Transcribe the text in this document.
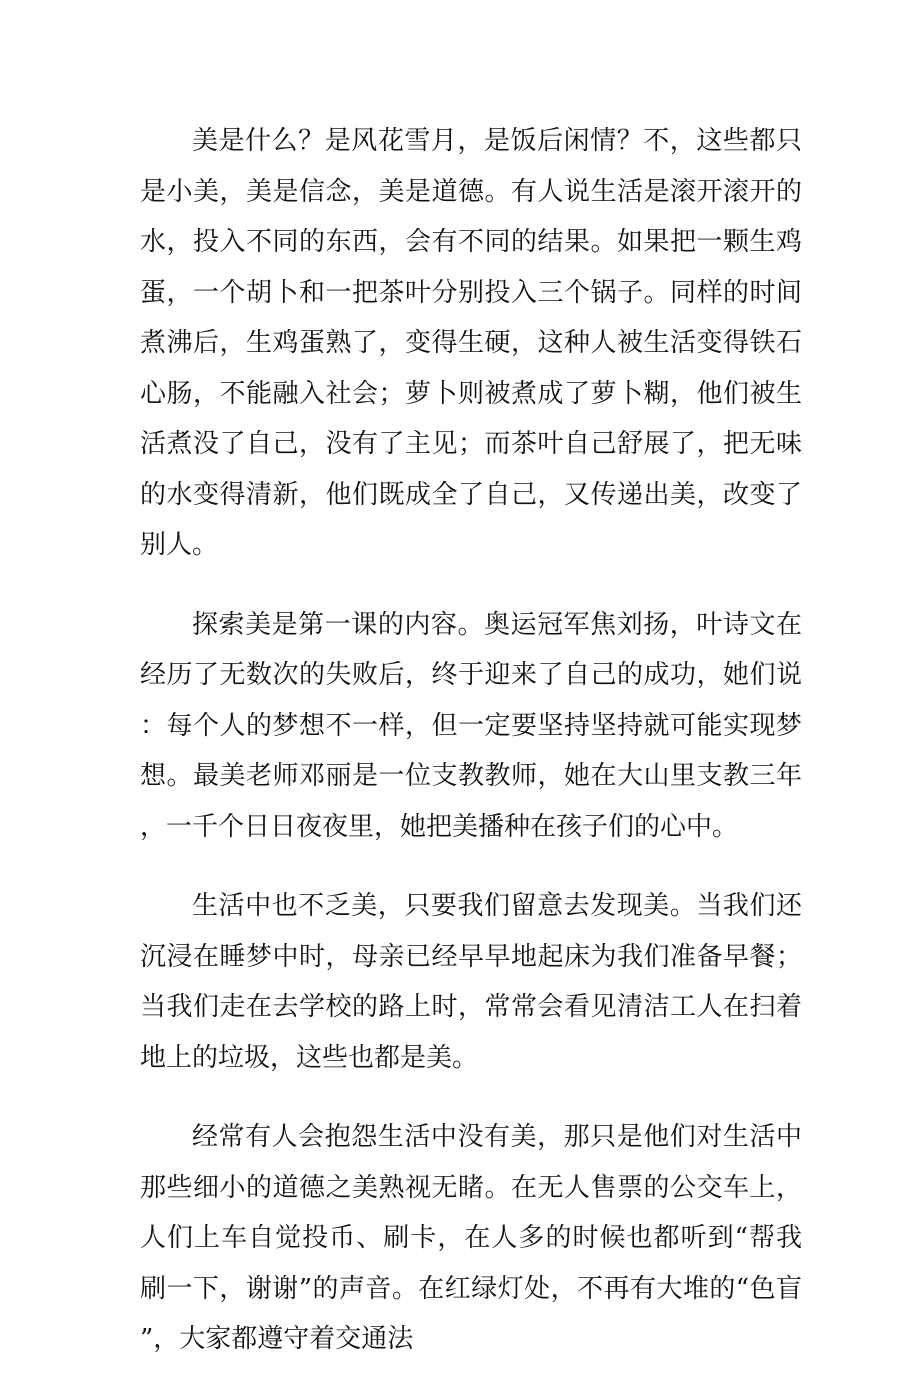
美是什么？是风花雪月，是饭后闲情？不，这些都只是小美，美是信念，美是道德。有人说生活是滚开滚开的水，投入不同的东西，会有不同的结果。如果把一颗生鸡蛋，一个胡卜和一把茶叶分别投入三个锅子。同样的时间煮沸后，生鸡蛋熟了，变得生硬，这种人被生活变得铁石心肠，不能融入社会；萝卜则被煮成了萝卜糊，他们被生活煮没了自己，没有了主见；而茶叶自己舒展了，把无味的水变得清新，他们既成全了自己，又传递出美，改变了别人。

探索美是第一课的内容。奥运冠军焦刘扬，叶诗文在经历了无数次的失败后，终于迎来了自己的成功，她们说：每个人的梦想不一样，但一定要坚持坚持就可能实现梦想。最美老师邓丽是一位支教教师，她在大山里支教三年，一千个日日夜夜里，她把美播种在孩子们的心中。

生活中也不乏美，只要我们留意去发现美。当我们还沉浸在睡梦中时，母亲已经早早地起床为我们准备早餐；当我们走在去学校的路上时，常常会看见清洁工人在扫着地上的垃圾，这些也都是美。

经常有人会抱怨生活中没有美，那只是他们对生活中那些细小的道德之美熟视无睹。在无人售票的公交车上，人们上车自觉投币、刷卡，在人多的时候也都听到“帮我刷一下，谢谢”的声音。在红绿灯处，不再有大堆的“色盲”，大家都遵守着交通法
